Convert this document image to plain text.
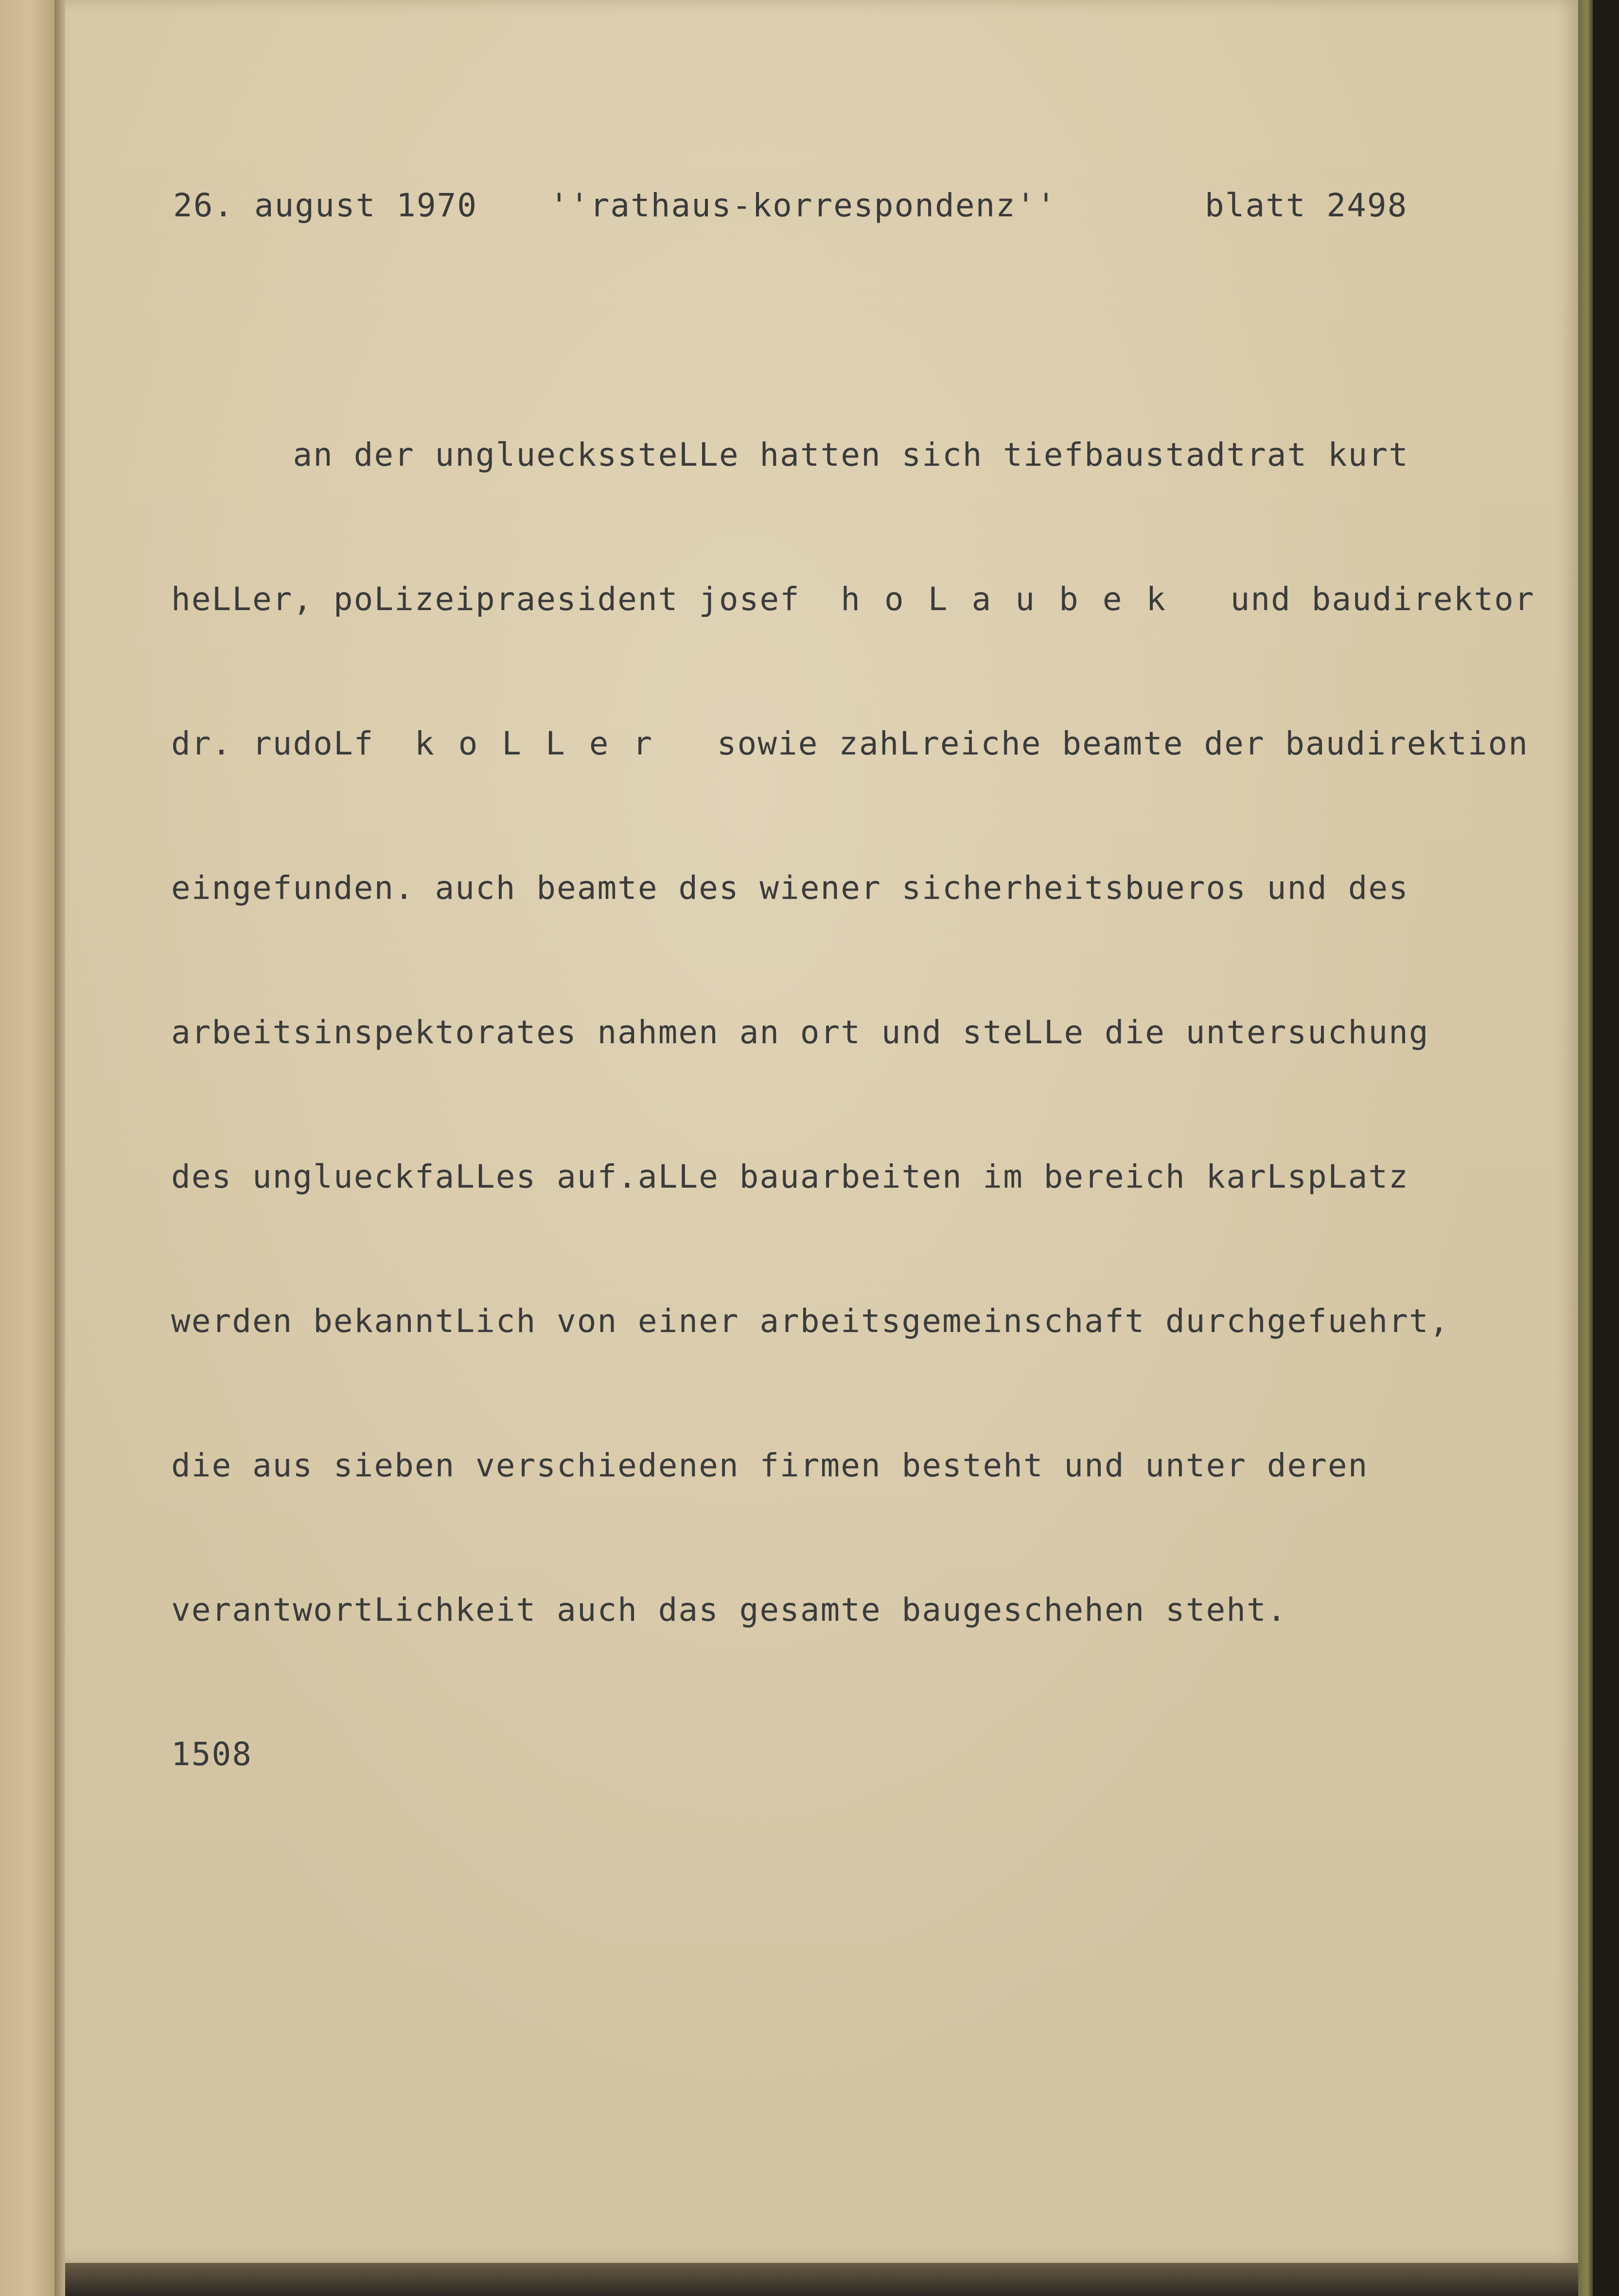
26. august 1970 ''rathaus-korrespondenz''	blatt 2498

an der unglueckssteLLe hatten sich tiefbaustadtrat kurt

heLLer, poLizeipraesident josef  hoLaubek  und baudirektor

dr. rudoLf  koLLer  sowie zahLreiche beamte der baudirektion

eingefunden. auch beamte des wiener sicherheitsbueros und des

arbeitsinspektorates nahmen an ort und steLLe die untersuchung

des unglueckfaLLes auf.aLLe bauarbeiten im bereich karLspLatz

werden bekanntLich von einer arbeitsgemeinschaft durchgefuehrt,

die aus sieben verschiedenen firmen besteht und unter deren

verantwortLichkeit auch das gesamte baugeschehen steht.

1508
